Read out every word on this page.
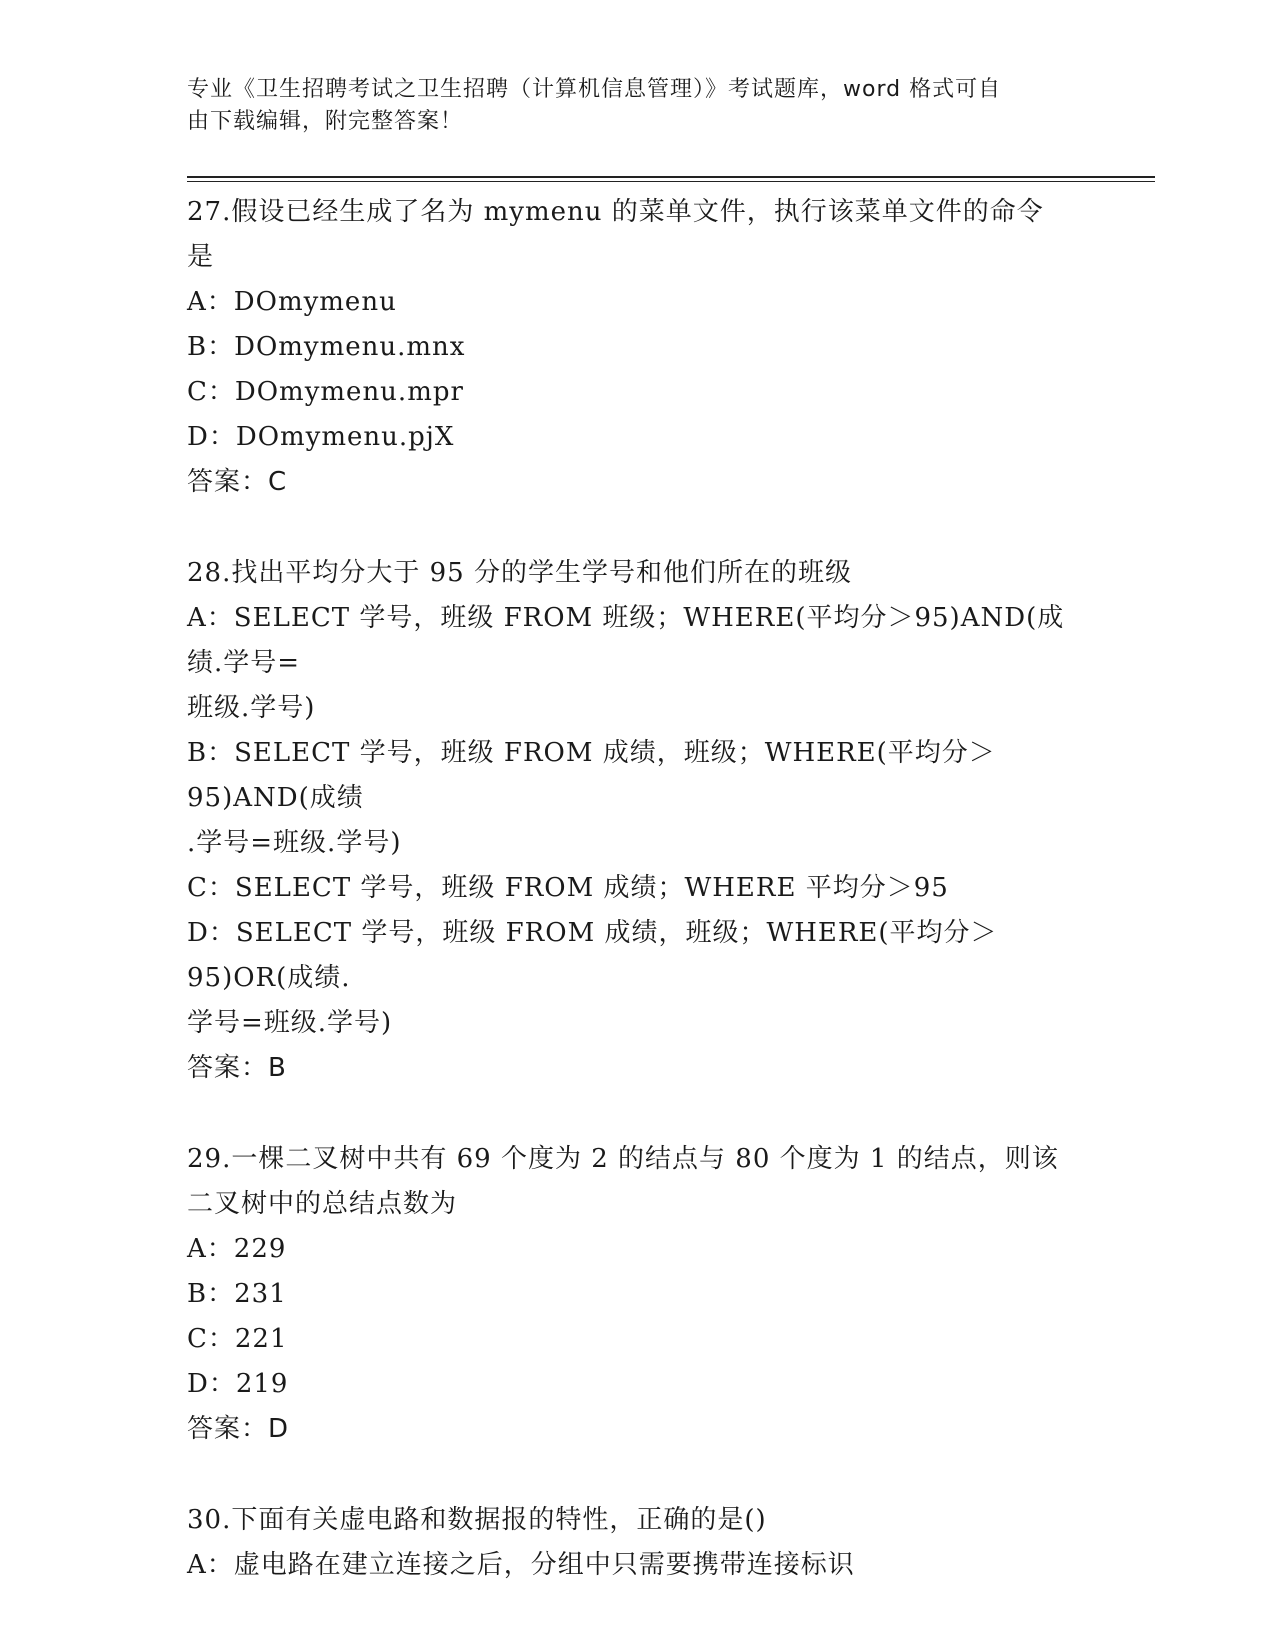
专业《卫生招聘考试之卫生招聘（计算机信息管理）》考试题库，word 格式可自
由下载编辑，附完整答案！

27.假设已经生成了名为 mymenu 的菜单文件，执行该菜单文件的命令

是

A：DOmymenu

B：DOmymenu.mnx

C：DOmymenu.mpr

D：DOmymenu.pjX

答案：C

28.找出平均分大于 95 分的学生学号和他们所在的班级

A：SELECT 学号，班级 FROM 班级；WHERE(平均分＞95)AND(成绩.学号=

班级.学号)

B：SELECT 学号，班级 FROM 成绩，班级；WHERE(平均分＞95)AND(成绩

.学号=班级.学号)

C：SELECT 学号，班级 FROM 成绩；WHERE 平均分＞95

D：SELECT 学号，班级 FROM 成绩，班级；WHERE(平均分＞95)OR(成绩.

学号=班级.学号)

答案：B

29.一棵二叉树中共有 69 个度为 2 的结点与 80 个度为 1 的结点，则该

二叉树中的总结点数为

A：229

B：231

C：221

D：219

答案：D

30.下面有关虚电路和数据报的特性，正确的是()

A：虚电路在建立连接之后，分组中只需要携带连接标识
